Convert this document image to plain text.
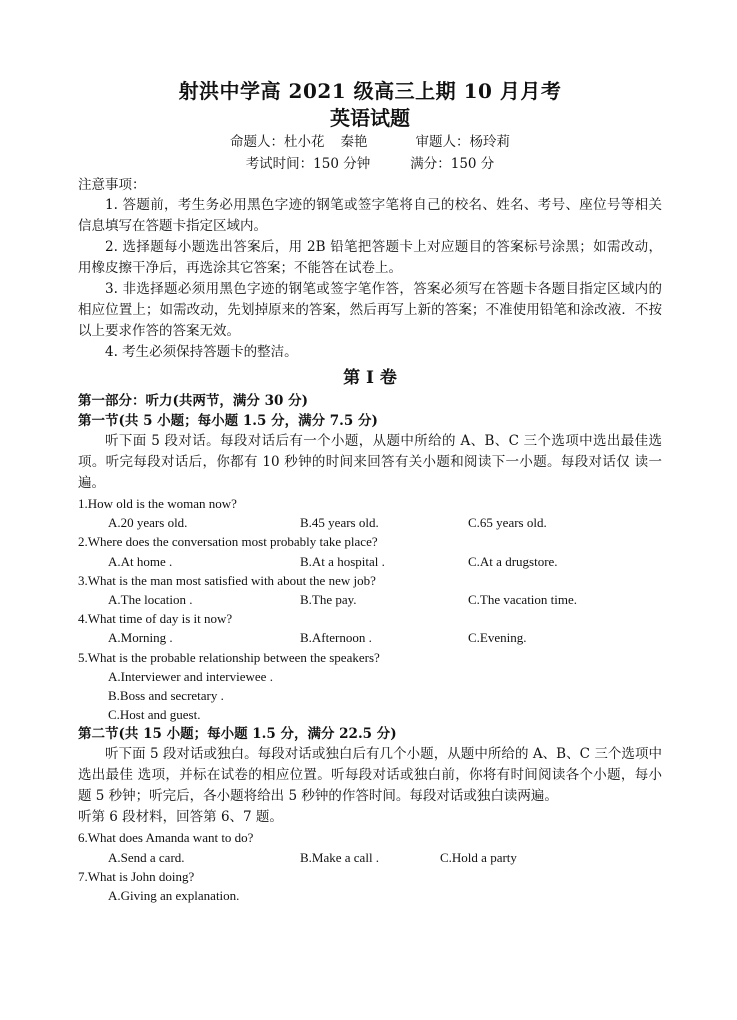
射洪中学高 2021 级高三上期 10 月月考
英语试题
命题人：杜小花 秦艳	审题人：杨玲莉
考试时间：150 分钟	满分：150 分
注意事项：
1. 答题前，考生务必用黑色字迹的钢笔或签字笔将自己的校名、姓名、考号、座位号等相关信息填写在答题卡指定区域内。
2. 选择题每小题选出答案后，用 2B 铅笔把答题卡上对应题目的答案标号涂黑；如需改动，用橡皮擦干净后，再选涂其它答案；不能答在试卷上。
3. 非选择题必须用黑色字迹的钢笔或签字笔作答，答案必须写在答题卡各题目指定区域内的相应位置上；如需改动，先划掉原来的答案，然后再写上新的答案；不准使用铅笔和涂改液．不按以上要求作答的答案无效。
4. 考生必须保持答题卡的整洁。
第 I 卷
第一部分：听力(共两节，满分 30 分)
第一节(共 5 小题；每小题 1.5 分，满分 7.5 分)
听下面 5 段对话。每段对话后有一个小题，从题中所给的 A、B、C 三个选项中选出最佳选项。听完每段对话后，你都有 10 秒钟的时间来回答有关小题和阅读下一小题。每段对话仅 读一遍。
1.How old is the woman now?
A.20 years old.	B.45 years old.	C.65 years old.
2.Where does the conversation most probably take place?
A.At home .	B.At a hospital .	C.At a drugstore.
3.What is the man most satisfied with about the new job?
A.The location .	B.The pay.	C.The vacation time.
4.What time of day is it now?
A.Morning .	B.Afternoon .	C.Evening.
5.What is the probable relationship between the speakers?
A.Interviewer and interviewee .
B.Boss and secretary .
C.Host and guest.
第二节(共 15 小题；每小题 1.5 分，满分 22.5 分)
听下面 5 段对话或独白。每段对话或独白后有几个小题，从题中所给的 A、B、C 三个选项中选出最佳 选项，并标在试卷的相应位置。听每段对话或独白前，你将有时间阅读各个小题，每小题 5 秒钟；听完后，各小题将给出 5 秒钟的作答时间。每段对话或独白读两遍。
听第 6 段材料，回答第 6、7 题。
6.What does Amanda want to do?
A.Send a card.	B.Make a call .	C.Hold a party
7.What is John doing?
A.Giving an explanation.
